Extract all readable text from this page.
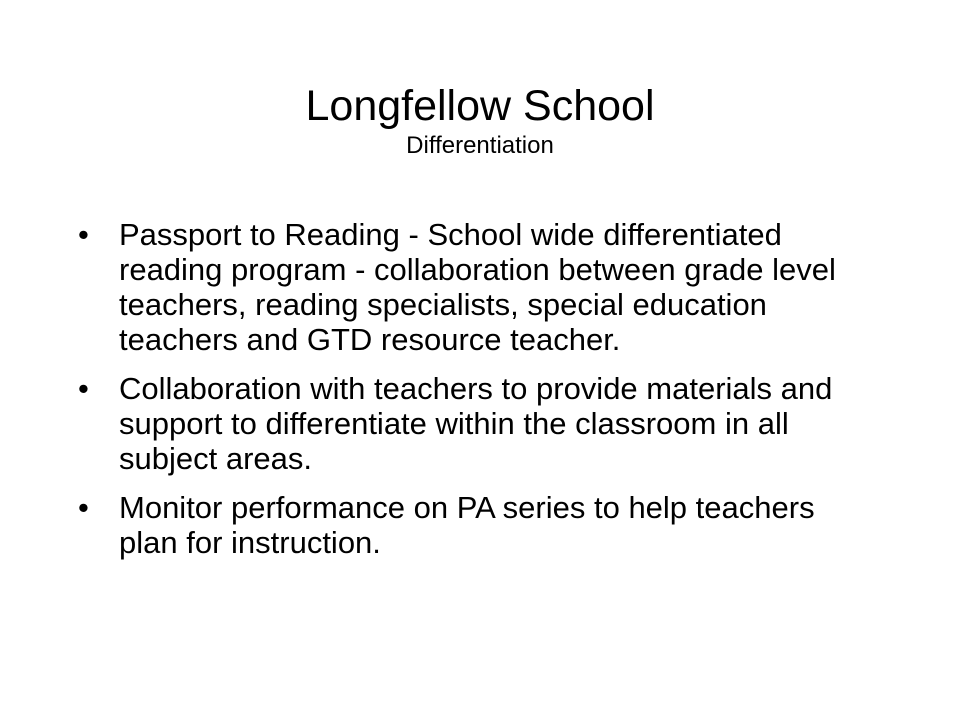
Longfellow School

Differentiation

• Passport to Reading - School wide differentiated reading program - collaboration between grade level teachers, reading specialists, special education teachers and GTD resource teacher.
• Collaboration with teachers to provide materials and support to differentiate within the classroom in all subject areas.
• Monitor performance on PA series to help teachers plan for instruction.
